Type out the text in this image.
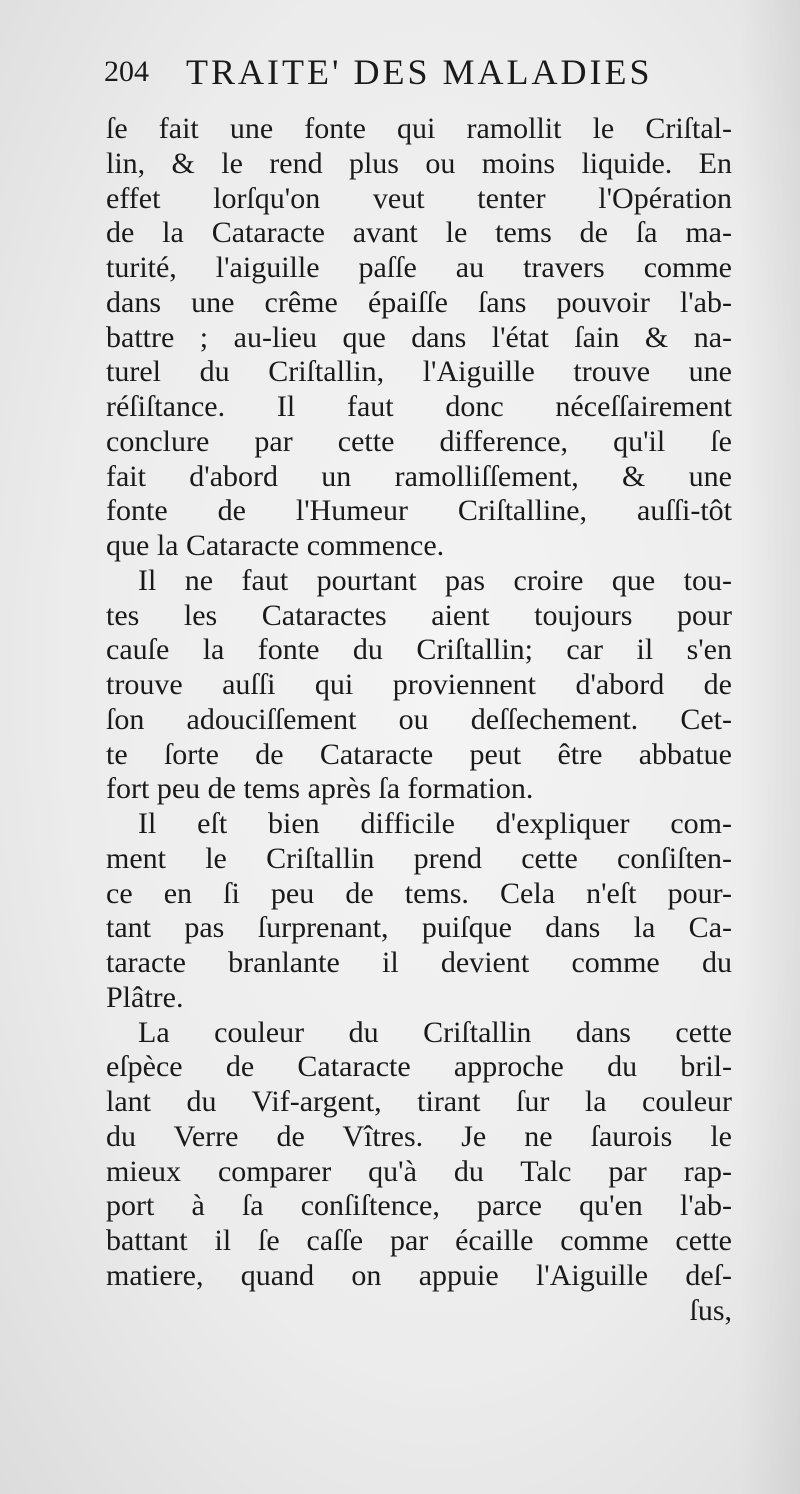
204 TRAITE' DES MALADIES
ſe fait une fonte qui ramollit le Criſtal-
lin, & le rend plus ou moins liquide. En
effet lorſqu'on veut tenter l'Opération
de la Cataracte avant le tems de ſa ma-
turité, l'aiguille paſſe au travers comme
dans une crême épaiſſe ſans pouvoir l'ab-
battre ; au-lieu que dans l'état ſain & na-
turel du Criſtallin, l'Aiguille trouve une
réſiſtance. Il faut donc néceſſairement
conclure par cette difference, qu'il ſe
fait d'abord un ramolliſſement, & une
fonte de l'Humeur Criſtalline, auſſi-tôt
que la Cataracte commence.
Il ne faut pourtant pas croire que tou-
tes les Cataractes aient toujours pour
cauſe la fonte du Criſtallin; car il s'en
trouve auſſi qui proviennent d'abord de
ſon adouciſſement ou deſſechement. Cet-
te ſorte de Cataracte peut être abbatue
fort peu de tems après ſa formation.
Il eſt bien difficile d'expliquer com-
ment le Criſtallin prend cette conſiſten-
ce en ſi peu de tems. Cela n'eſt pour-
tant pas ſurprenant, puiſque dans la Ca-
taracte branlante il devient comme du
Plâtre.
La couleur du Criſtallin dans cette
eſpèce de Cataracte approche du bril-
lant du Vif-argent, tirant ſur la couleur
du Verre de Vîtres. Je ne ſaurois le
mieux comparer qu'à du Talc par rap-
port à ſa conſiſtence, parce qu'en l'ab-
battant il ſe caſſe par écaille comme cette
matiere, quand on appuie l'Aiguille deſ-
ſus,
